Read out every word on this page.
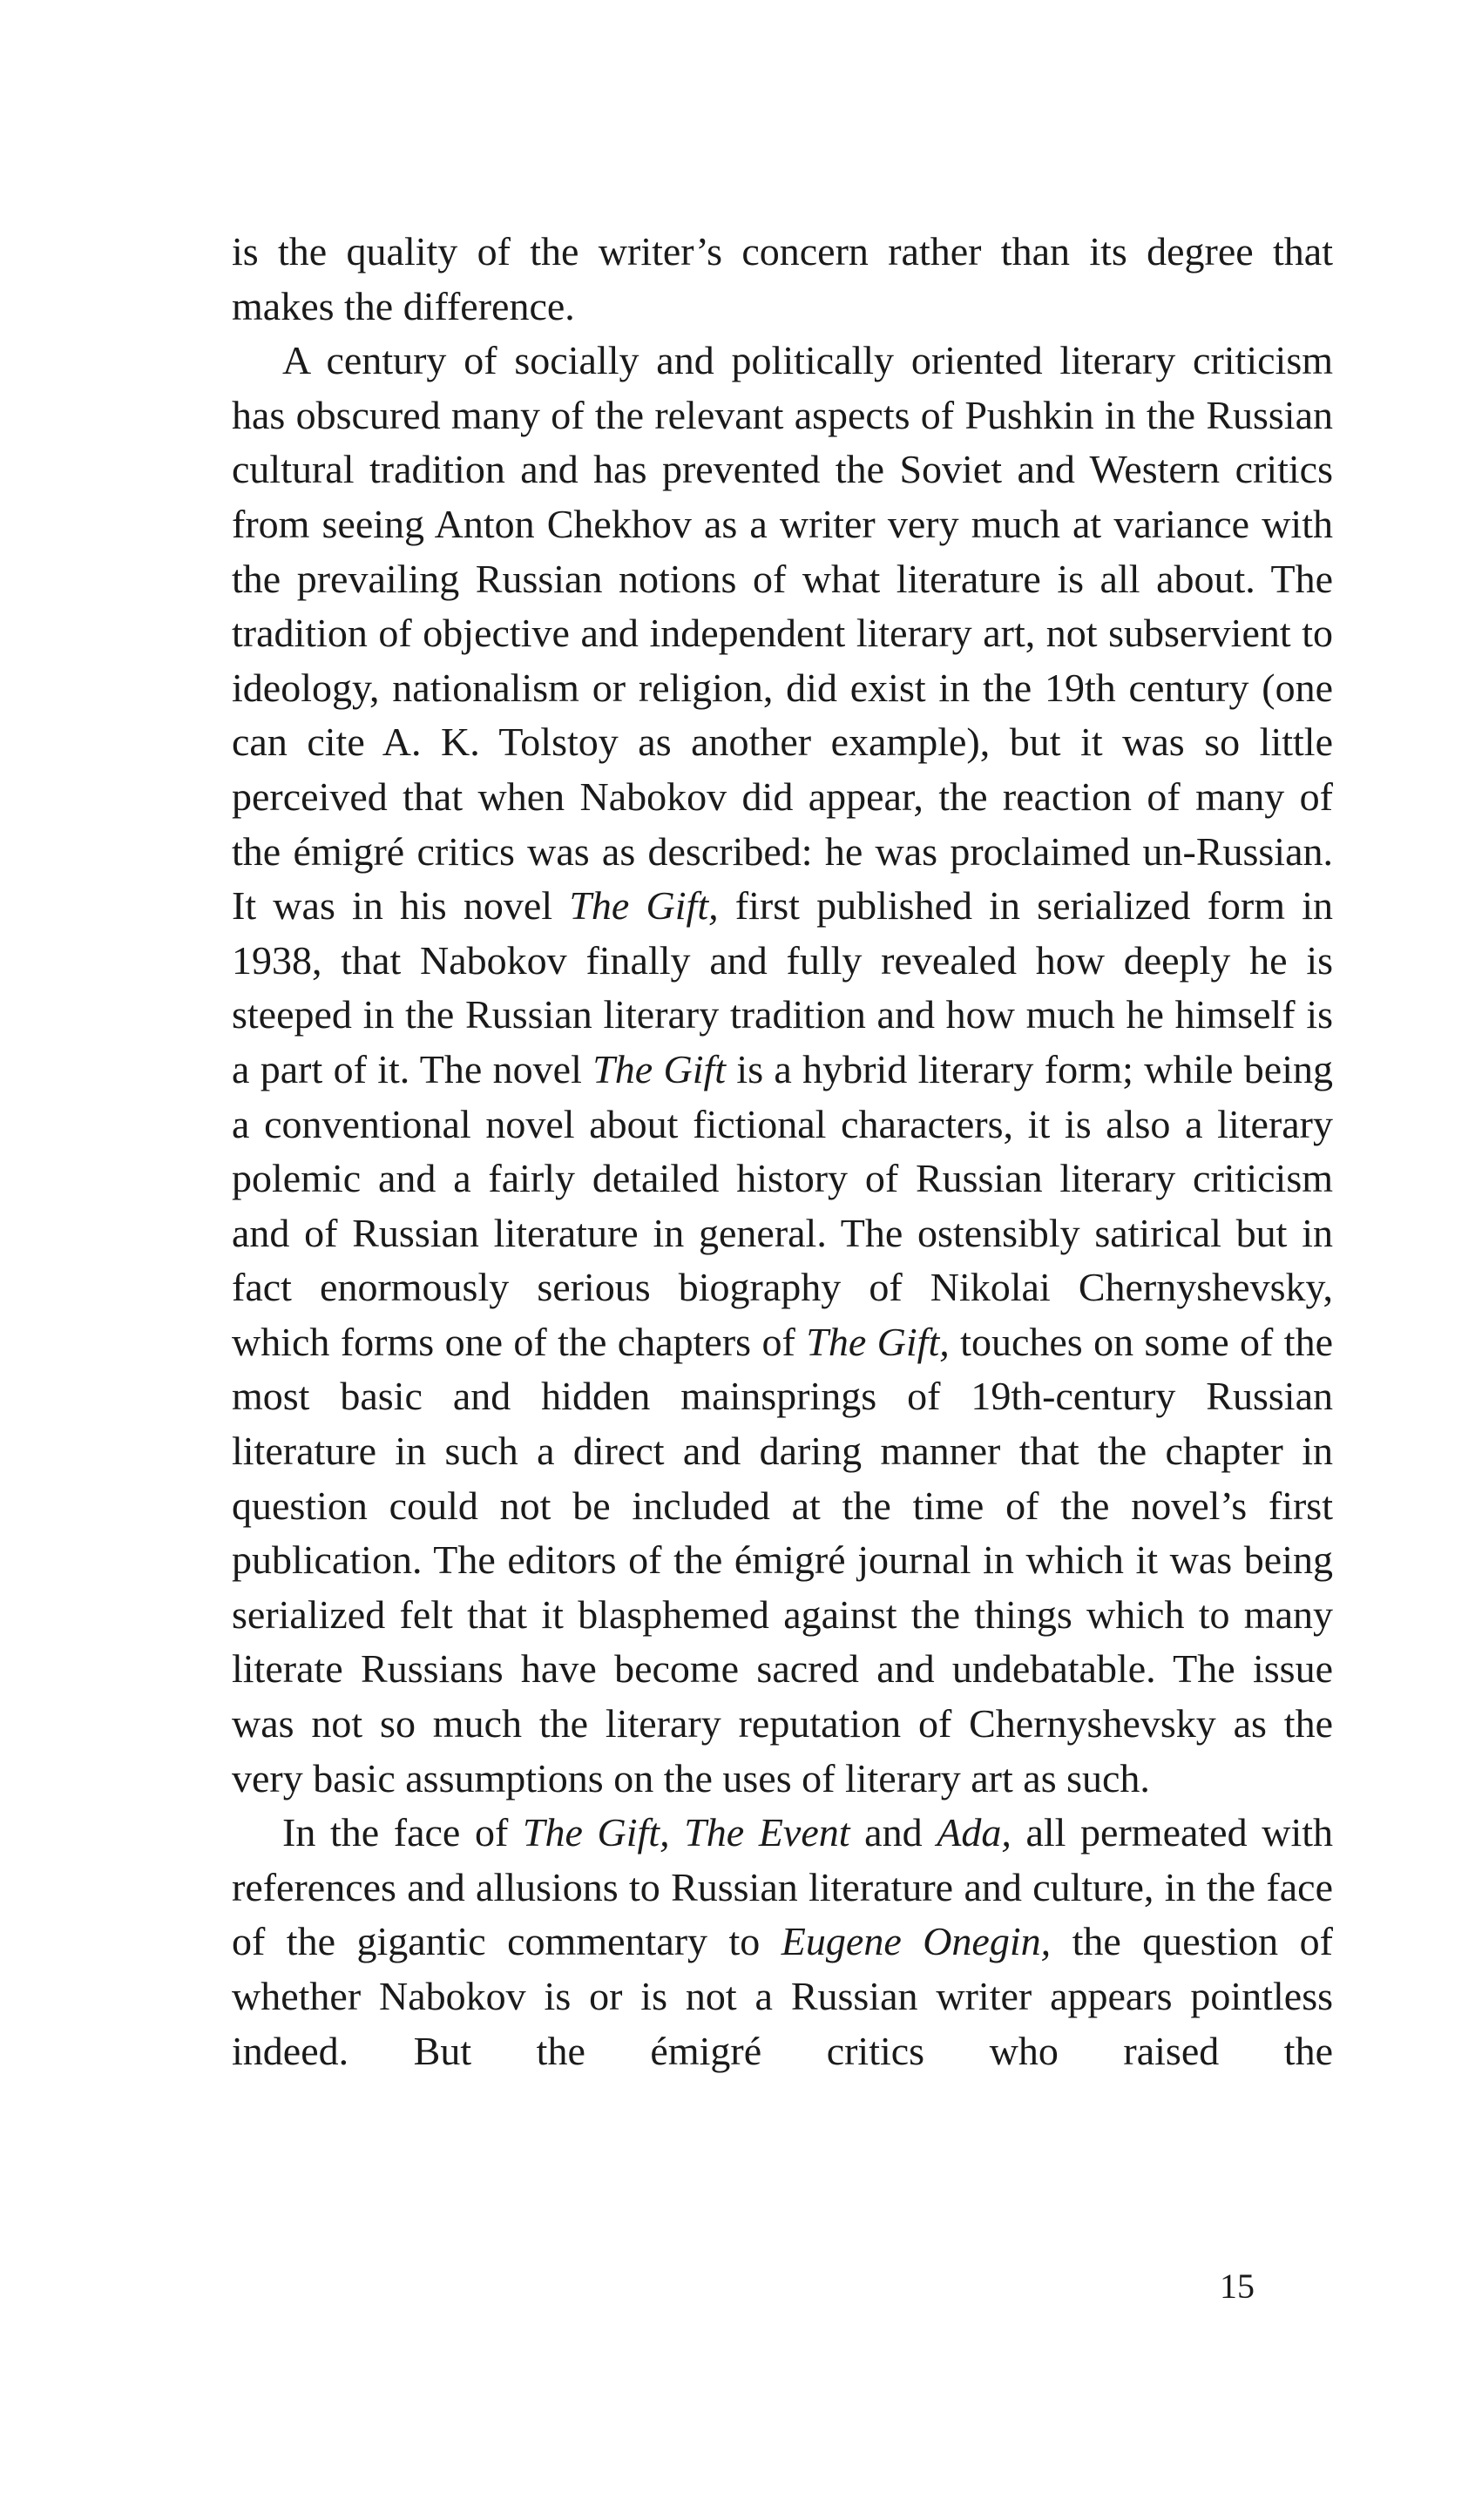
is the quality of the writer’s concern rather than its degree that makes the difference.

A century of socially and politically oriented literary criticism has obscured many of the relevant aspects of Pushkin in the Russian cultural tradition and has prevented the Soviet and Western critics from seeing Anton Chekhov as a writer very much at variance with the prevailing Russian notions of what literature is all about. The tradition of objective and independent literary art, not subservient to ideology, nationalism or religion, did exist in the 19th century (one can cite A. K. Tolstoy as another example), but it was so little perceived that when Nabokov did appear, the reaction of many of the émigré critics was as described: he was proclaimed un-Russian. It was in his novel The Gift, first published in serialized form in 1938, that Nabokov finally and fully revealed how deeply he is steeped in the Russian literary tradition and how much he himself is a part of it. The novel The Gift is a hybrid literary form; while being a conventional novel about fictional characters, it is also a literary polemic and a fairly detailed history of Russian literary criticism and of Russian literature in general. The ostensibly satirical but in fact enormously serious biography of Nikolai Chernyshevsky, which forms one of the chapters of The Gift, touches on some of the most basic and hidden mainsprings of 19th-century Russian literature in such a direct and daring manner that the chapter in question could not be included at the time of the novel’s first publication. The editors of the émigré journal in which it was being serialized felt that it blasphemed against the things which to many literate Russians have become sacred and undebatable. The issue was not so much the literary reputation of Chernyshevsky as the very basic assumptions on the uses of literary art as such.

In the face of The Gift, The Event and Ada, all permeated with references and allusions to Russian literature and culture, in the face of the gigantic commentary to Eugene Onegin, the question of whether Nabokov is or is not a Russian writer appears pointless indeed. But the émigré critics who raised the

15
